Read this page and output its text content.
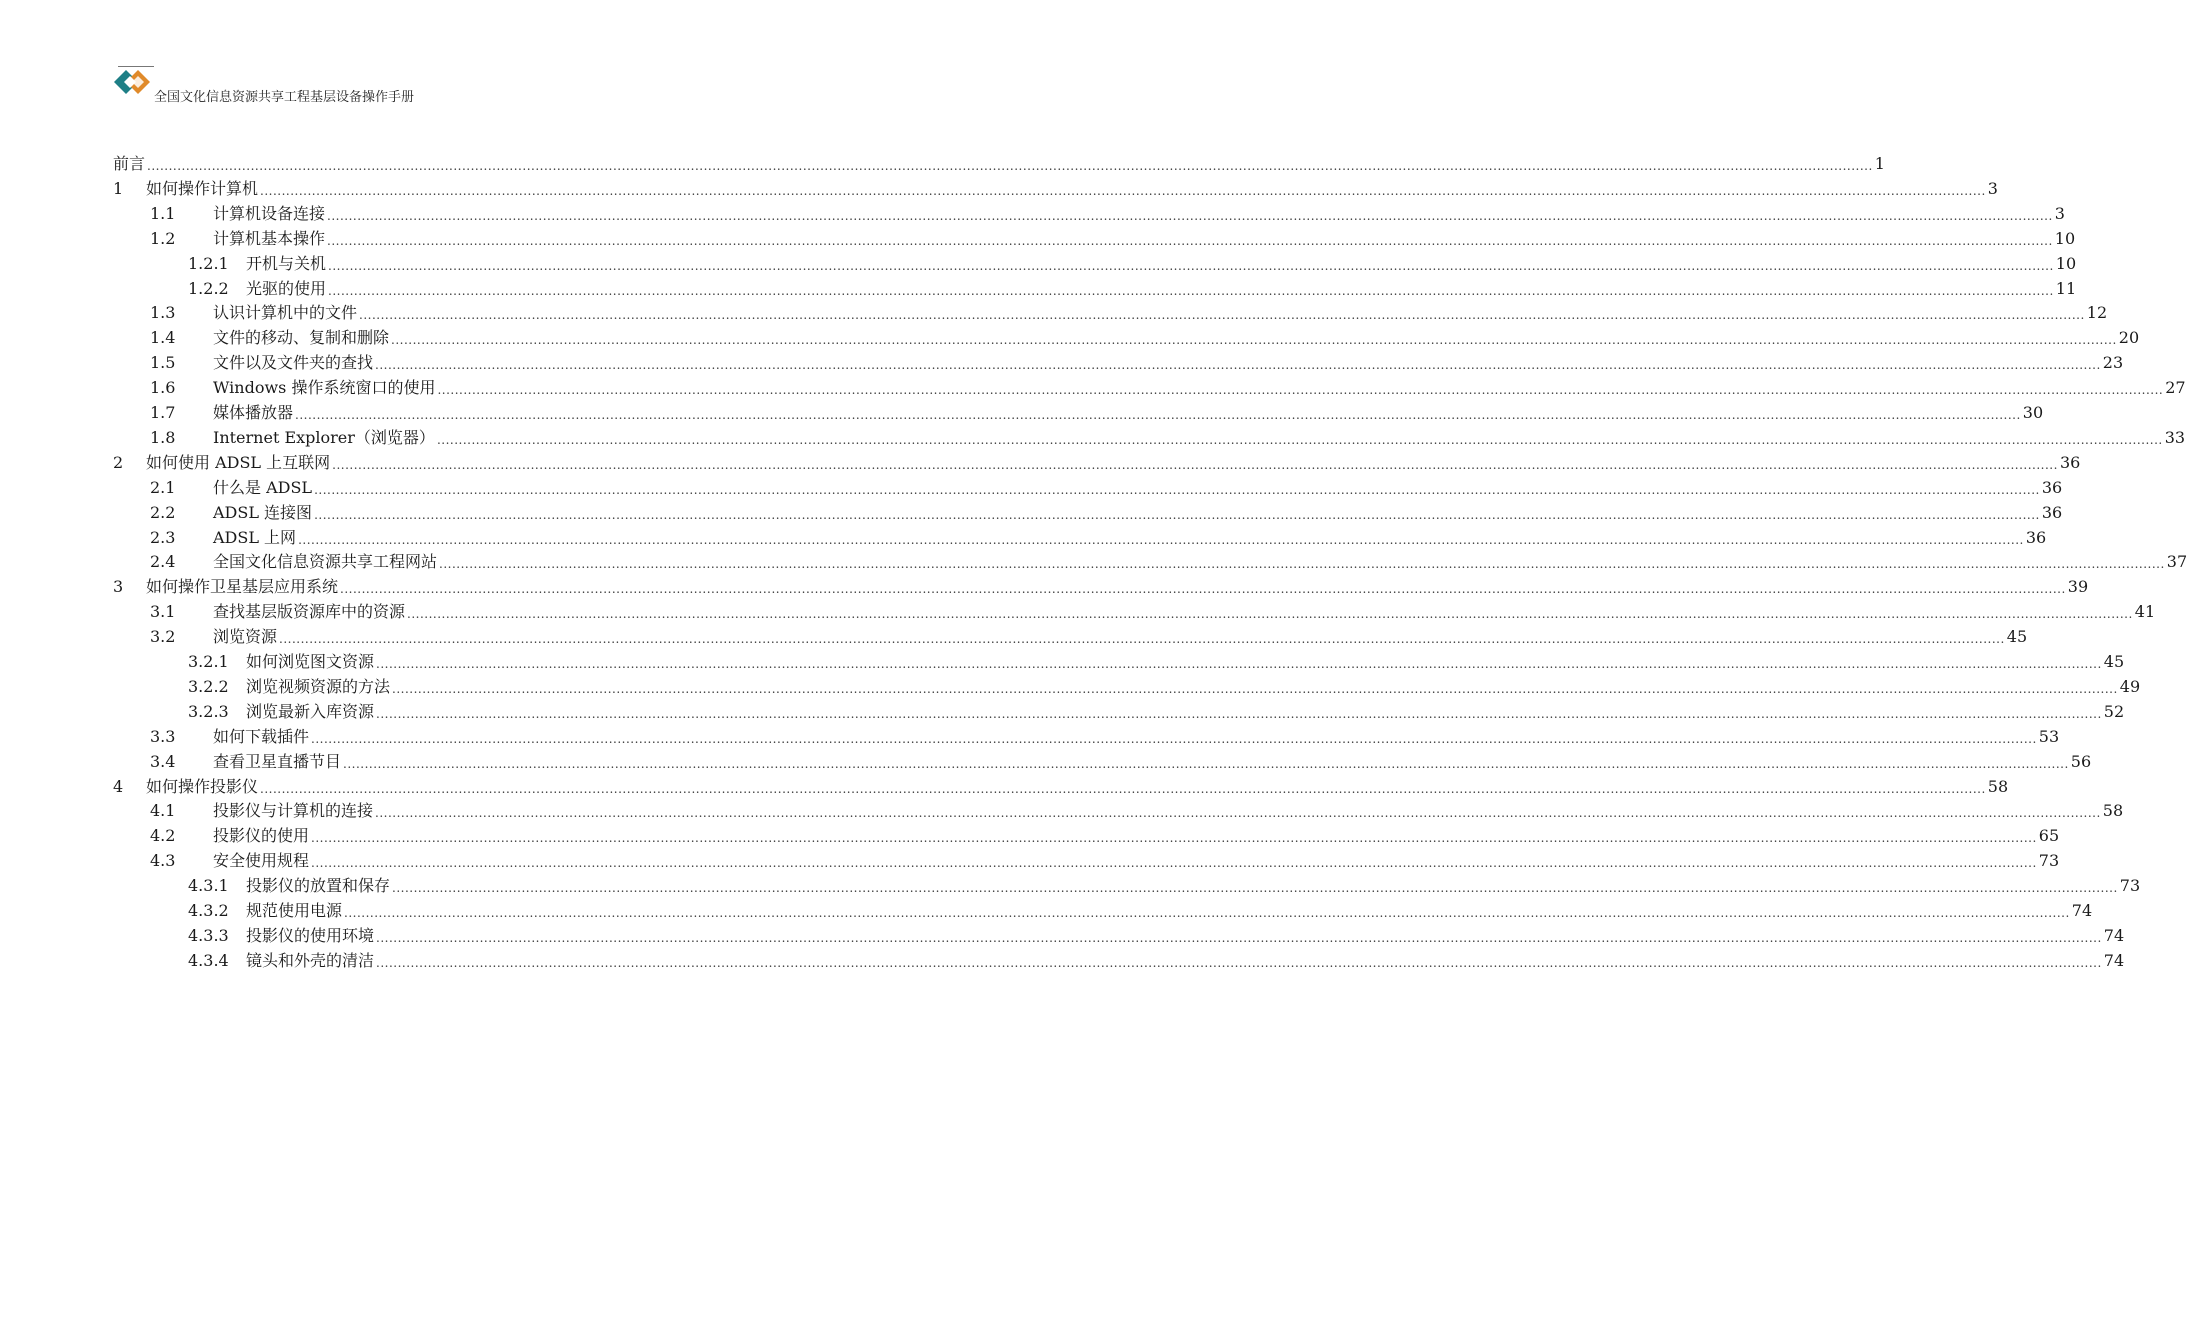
全国文化信息资源共享工程基层设备操作手册
前言 ................................................................................................................................................................................................................................................................................................................................................................................................................ 1
1	如何操作计算机 ................................................................................................................................................................................................................................................................................................................................................................................................................ 3
1.1	计算机设备连接 ................................................................................................................................................................................................................................................................................................................................................................................................................ 3
1.2	计算机基本操作 ................................................................................................................................................................................................................................................................................................................................................................................................................ 10
1.2.1	开机与关机 ................................................................................................................................................................................................................................................................................................................................................................................................................ 10
1.2.2	光驱的使用 ................................................................................................................................................................................................................................................................................................................................................................................................................ 11
1.3	认识计算机中的文件 ................................................................................................................................................................................................................................................................................................................................................................................................................ 12
1.4	文件的移动、复制和删除 ................................................................................................................................................................................................................................................................................................................................................................................................................ 20
1.5	文件以及文件夹的查找 ................................................................................................................................................................................................................................................................................................................................................................................................................ 23
1.6	Windows 操作系统窗口的使用 ................................................................................................................................................................................................................................................................................................................................................................................................................ 27
1.7	媒体播放器 ................................................................................................................................................................................................................................................................................................................................................................................................................ 30
1.8	Internet Explorer（浏览器） ................................................................................................................................................................................................................................................................................................................................................................................................................ 33
2	如何使用 ADSL 上互联网 ................................................................................................................................................................................................................................................................................................................................................................................................................ 36
2.1	什么是 ADSL ................................................................................................................................................................................................................................................................................................................................................................................................................ 36
2.2	ADSL 连接图 ................................................................................................................................................................................................................................................................................................................................................................................................................ 36
2.3	ADSL 上网 ................................................................................................................................................................................................................................................................................................................................................................................................................ 36
2.4	全国文化信息资源共享工程网站 ................................................................................................................................................................................................................................................................................................................................................................................................................ 37
3	如何操作卫星基层应用系统 ................................................................................................................................................................................................................................................................................................................................................................................................................ 39
3.1	查找基层版资源库中的资源 ................................................................................................................................................................................................................................................................................................................................................................................................................ 41
3.2	浏览资源 ................................................................................................................................................................................................................................................................................................................................................................................................................ 45
3.2.1	如何浏览图文资源 ................................................................................................................................................................................................................................................................................................................................................................................................................ 45
3.2.2	浏览视频资源的方法 ................................................................................................................................................................................................................................................................................................................................................................................................................ 49
3.2.3	浏览最新入库资源 ................................................................................................................................................................................................................................................................................................................................................................................................................ 52
3.3	如何下载插件 ................................................................................................................................................................................................................................................................................................................................................................................................................ 53
3.4	查看卫星直播节目 ................................................................................................................................................................................................................................................................................................................................................................................................................ 56
4	如何操作投影仪 ................................................................................................................................................................................................................................................................................................................................................................................................................ 58
4.1	投影仪与计算机的连接 ................................................................................................................................................................................................................................................................................................................................................................................................................ 58
4.2	投影仪的使用 ................................................................................................................................................................................................................................................................................................................................................................................................................ 65
4.3	安全使用规程 ................................................................................................................................................................................................................................................................................................................................................................................................................ 73
4.3.1	投影仪的放置和保存 ................................................................................................................................................................................................................................................................................................................................................................................................................ 73
4.3.2	规范使用电源 ................................................................................................................................................................................................................................................................................................................................................................................................................ 74
4.3.3	投影仪的使用环境 ................................................................................................................................................................................................................................................................................................................................................................................................................ 74
4.3.4	镜头和外壳的清洁 ................................................................................................................................................................................................................................................................................................................................................................................................................ 74
